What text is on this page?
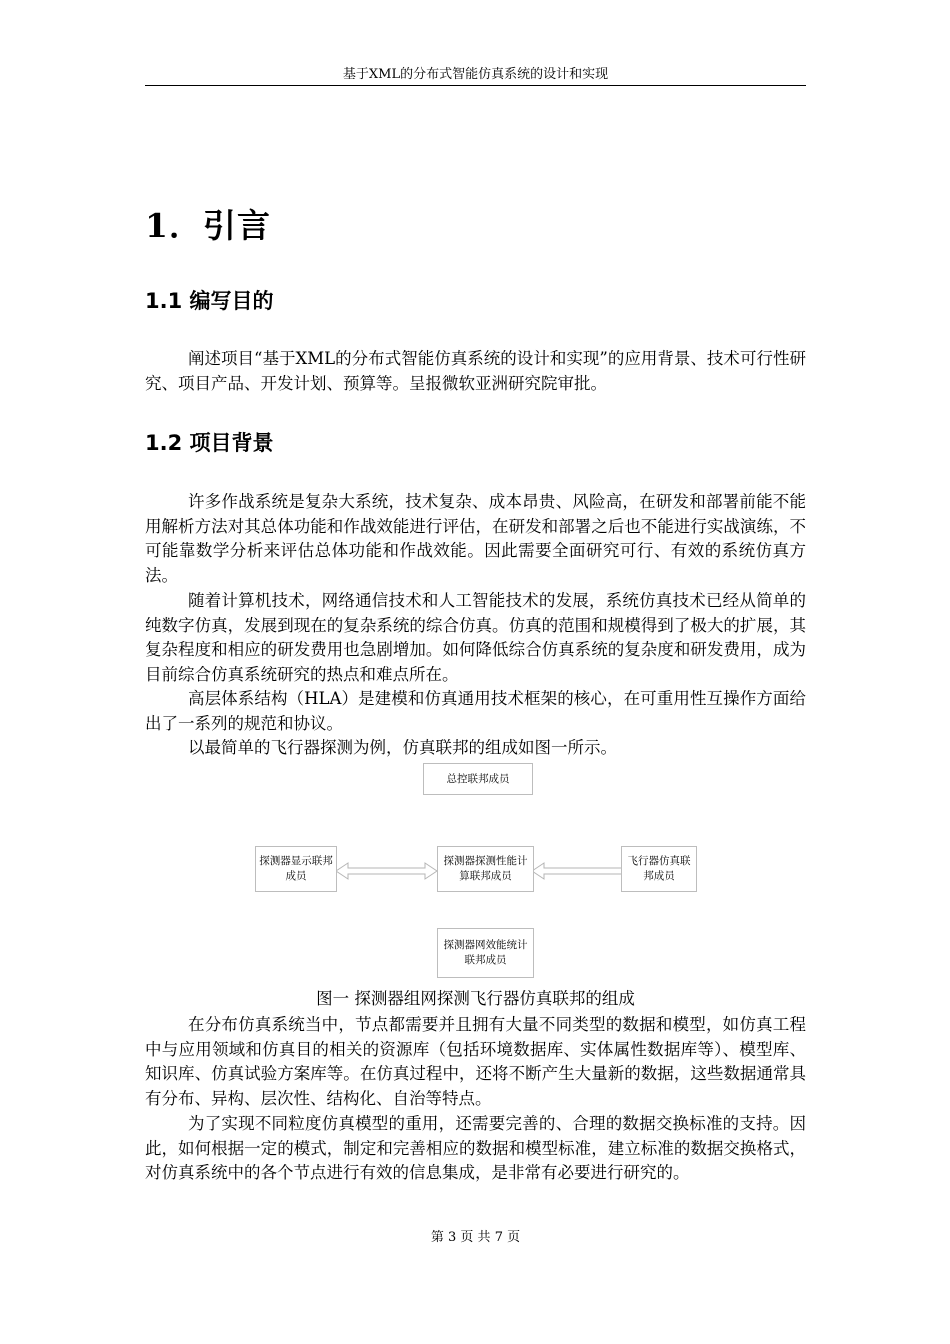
基于XML的分布式智能仿真系统的设计和实现
1．引言
1.1 编写目的

阐述项目“基于XML的分布式智能仿真系统的设计和实现”的应用背景、技术可行性研究、项目产品、开发计划、预算等。呈报微软亚洲研究院审批。

1.2 项目背景

许多作战系统是复杂大系统，技术复杂、成本昂贵、风险高，在研发和部署前能不能用解析方法对其总体功能和作战效能进行评估，在研发和部署之后也不能进行实战演练，不可能靠数学分析来评估总体功能和作战效能。因此需要全面研究可行、有效的系统仿真方法。

随着计算机技术，网络通信技术和人工智能技术的发展，系统仿真技术已经从简单的纯数字仿真，发展到现在的复杂系统的综合仿真。仿真的范围和规模得到了极大的扩展，其复杂程度和相应的研发费用也急剧增加。如何降低综合仿真系统的复杂度和研发费用，成为目前综合仿真系统研究的热点和难点所在。

高层体系结构（HLA）是建模和仿真通用技术框架的核心，在可重用性互操作方面给出了一系列的规范和协议。

以最简单的飞行器探测为例，仿真联邦的组成如图一所示。

总控联邦成员
探测器显示联邦成员
探测器探测性能计算联邦成员
飞行器仿真联邦成员
探测器网效能统计联邦成员
图一 探测器组网探测飞行器仿真联邦的组成

在分布仿真系统当中，节点都需要并且拥有大量不同类型的数据和模型，如仿真工程中与应用领域和仿真目的相关的资源库（包括环境数据库、实体属性数据库等）、模型库、知识库、仿真试验方案库等。在仿真过程中，还将不断产生大量新的数据，这些数据通常具有分布、异构、层次性、结构化、自治等特点。

为了实现不同粒度仿真模型的重用，还需要完善的、合理的数据交换标准的支持。因此，如何根据一定的模式，制定和完善相应的数据和模型标准，建立标准的数据交换格式，对仿真系统中的各个节点进行有效的信息集成，是非常有必要进行研究的。

第 3 页 共 7 页
